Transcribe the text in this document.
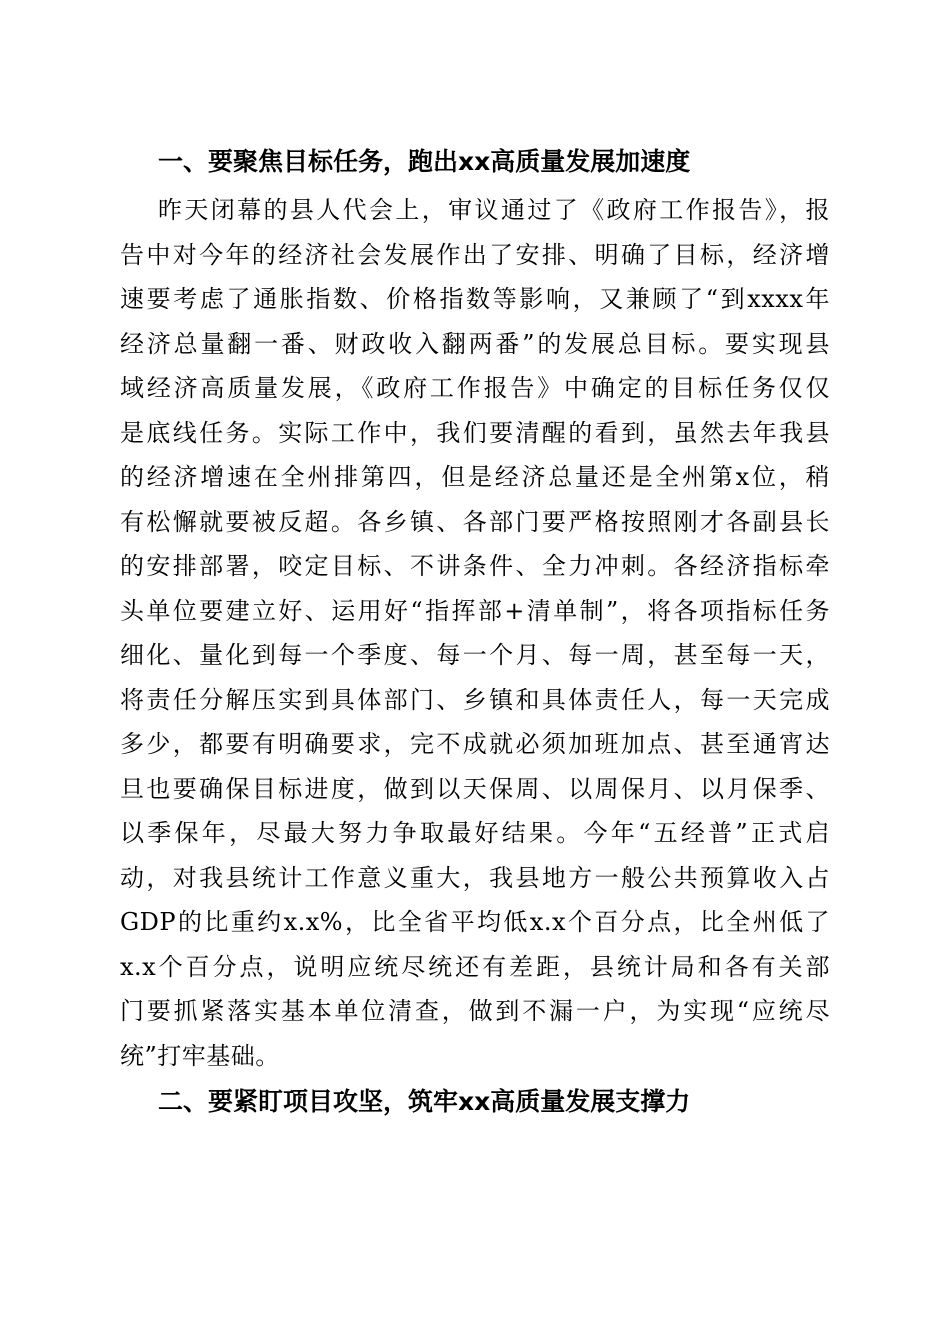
一、要聚焦目标任务，跑出xx高质量发展加速度
昨天闭幕的县人代会上，审议通过了《政府工作报告》，报
告中对今年的经济社会发展作出了安排、明确了目标，经济增
速要考虑了通胀指数、价格指数等影响，又兼顾了“到xxxx年
经济总量翻一番、财政收入翻两番”的发展总目标。要实现县
域经济高质量发展，《政府工作报告》中确定的目标任务仅仅
是底线任务。实际工作中，我们要清醒的看到，虽然去年我县
的经济增速在全州排第四，但是经济总量还是全州第x位，稍
有松懈就要被反超。各乡镇、各部门要严格按照刚才各副县长
的安排部署，咬定目标、不讲条件、全力冲刺。各经济指标牵
头单位要建立好、运用好“指挥部+清单制”，将各项指标任务
细化、量化到每一个季度、每一个月、每一周，甚至每一天，
将责任分解压实到具体部门、乡镇和具体责任人，每一天完成
多少，都要有明确要求，完不成就必须加班加点、甚至通宵达
旦也要确保目标进度，做到以天保周、以周保月、以月保季、
以季保年，尽最大努力争取最好结果。今年“五经普”正式启
动，对我县统计工作意义重大，我县地方一般公共预算收入占
GDP的比重约x.x%，比全省平均低x.x个百分点，比全州低了
x.x个百分点，说明应统尽统还有差距，县统计局和各有关部
门要抓紧落实基本单位清查，做到不漏一户，为实现“应统尽
统”打牢基础。
二、要紧盯项目攻坚，筑牢xx高质量发展支撑力
